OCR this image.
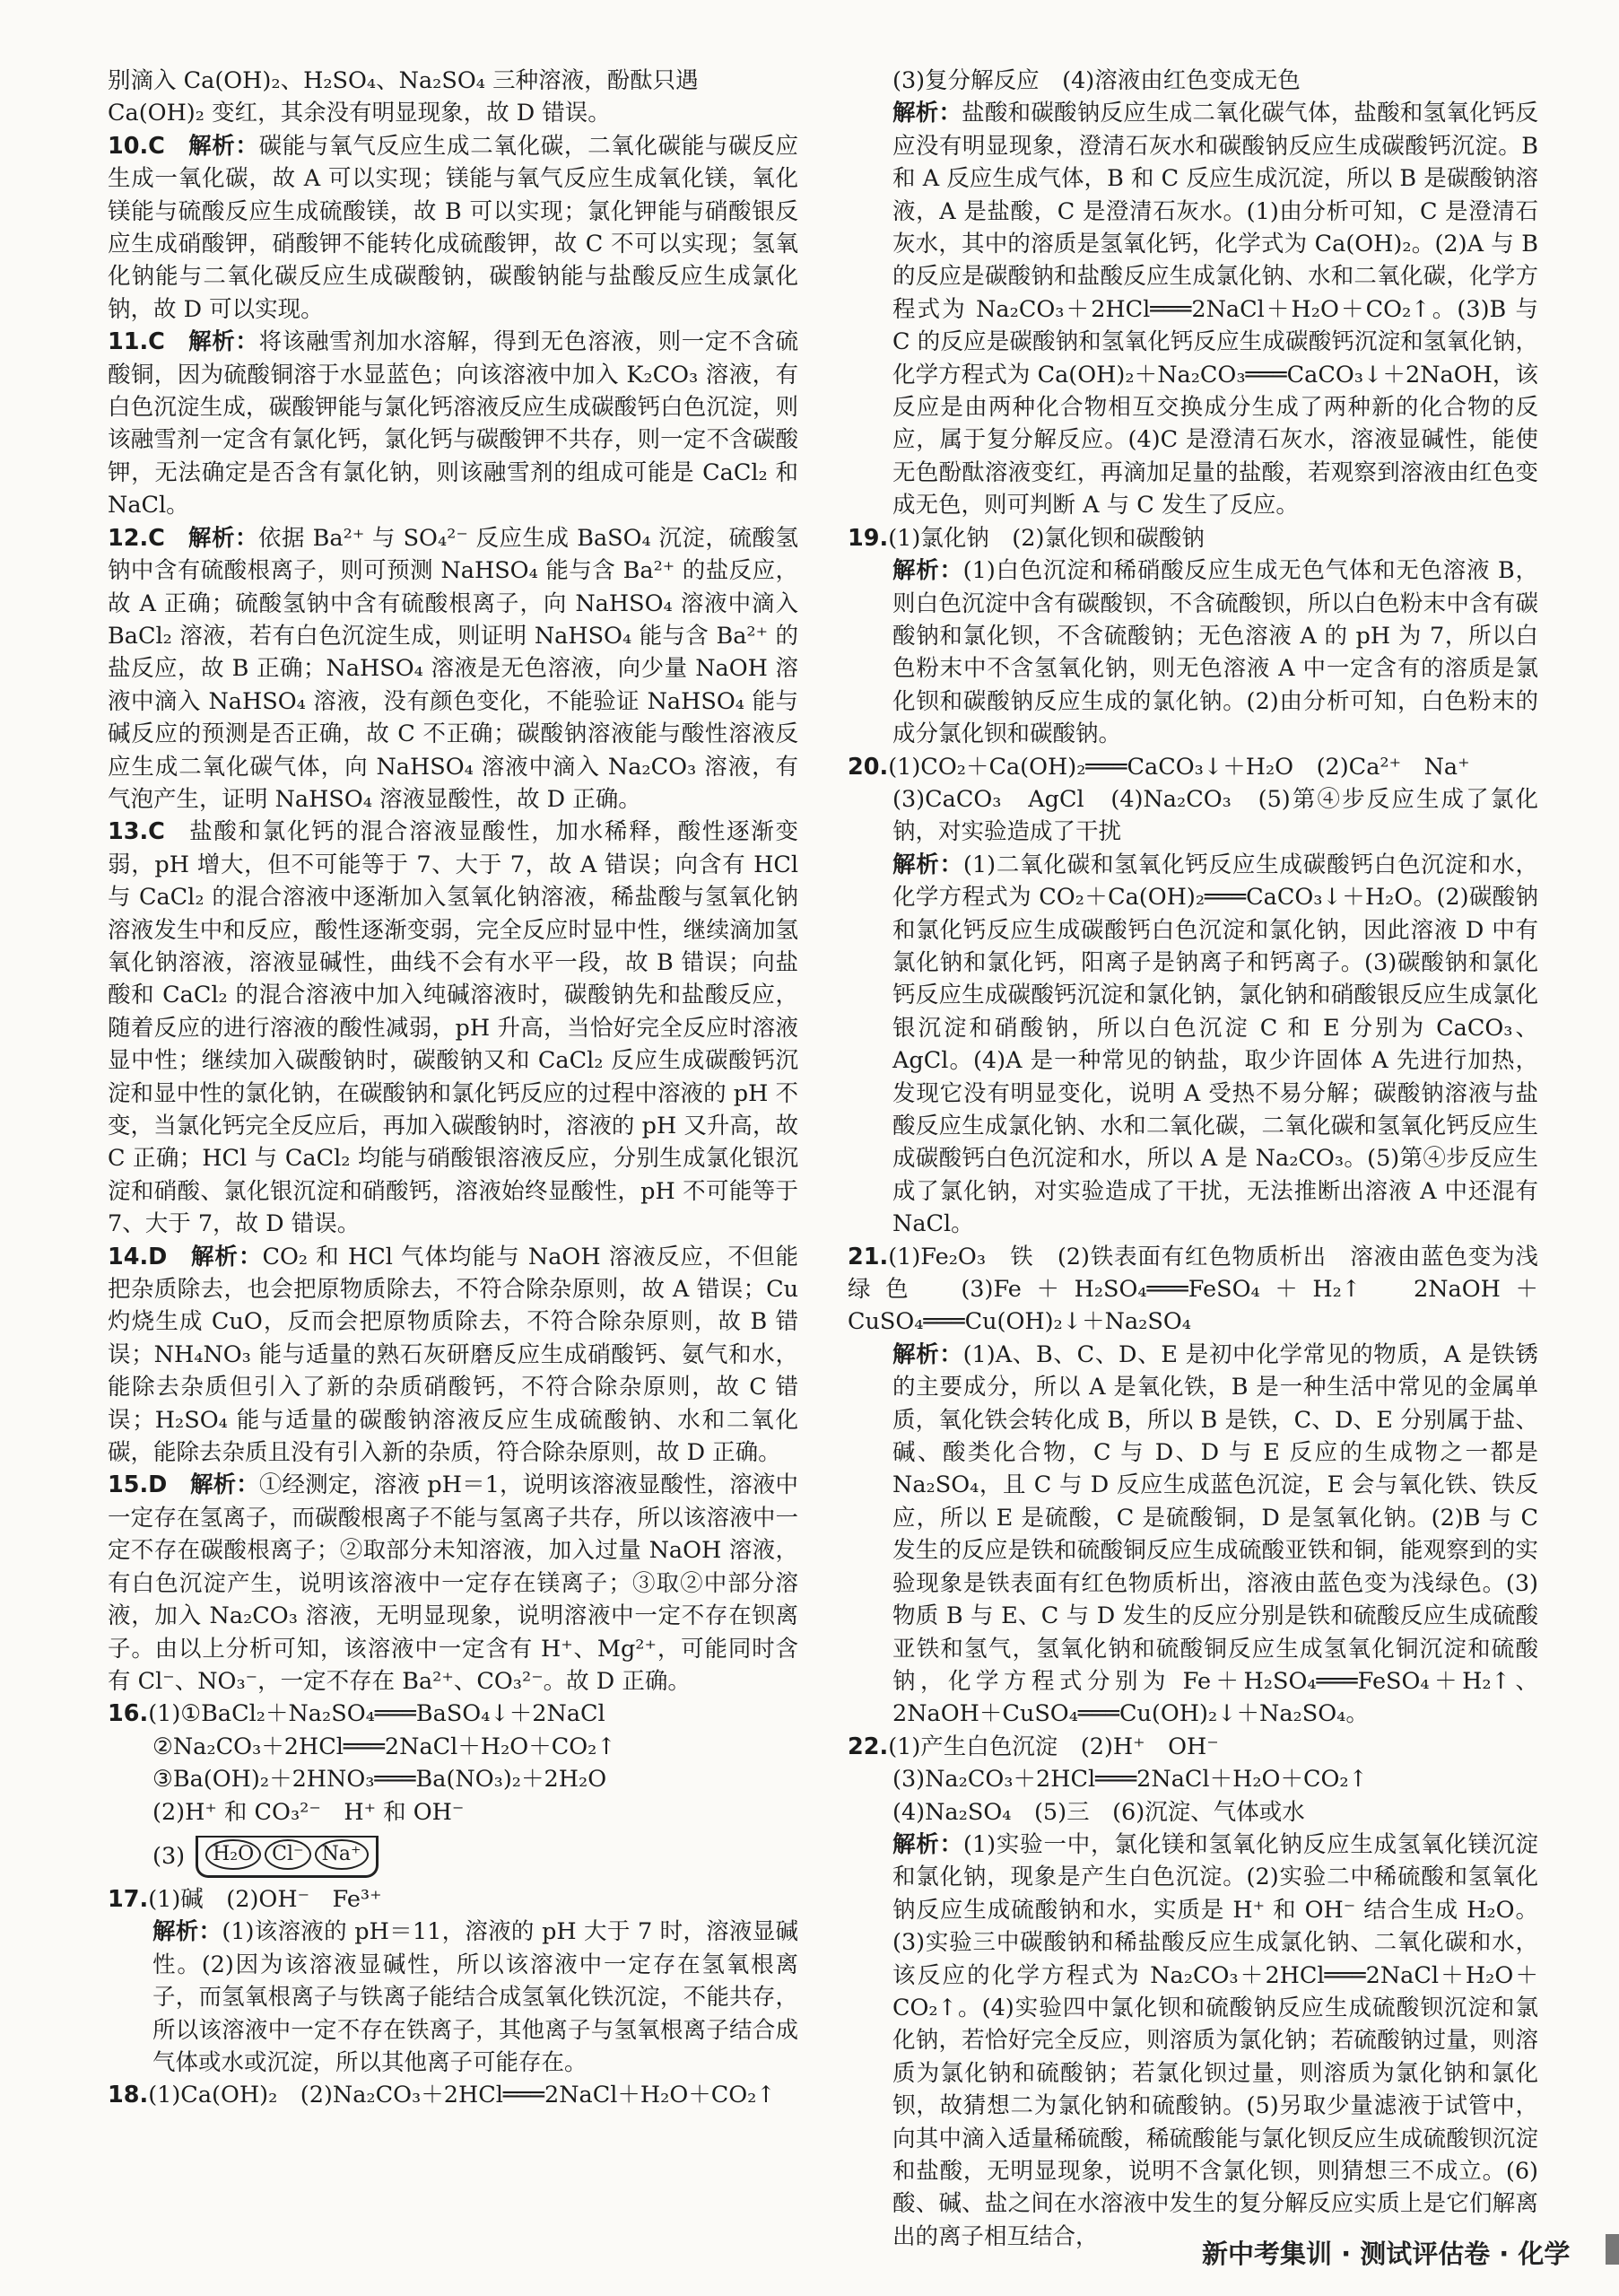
别滴入 Ca(OH)₂、H₂SO₄、Na₂SO₄ 三种溶液，酚酞只遇

Ca(OH)₂ 变红，其余没有明显现象，故 D 错误。

10.C  解析：碳能与氧气反应生成二氧化碳，二氧化碳能与碳反应生成一氧化碳，故 A 可以实现；镁能与氧气反应生成氧化镁，氧化镁能与硫酸反应生成硫酸镁，故 B 可以实现；氯化钾能与硝酸银反应生成硝酸钾，硝酸钾不能转化成硫酸钾，故 C 不可以实现；氢氧化钠能与二氧化碳反应生成碳酸钠，碳酸钠能与盐酸反应生成氯化钠，故 D 可以实现。

11.C  解析：将该融雪剂加水溶解，得到无色溶液，则一定不含硫酸铜，因为硫酸铜溶于水显蓝色；向该溶液中加入 K₂CO₃ 溶液，有白色沉淀生成，碳酸钾能与氯化钙溶液反应生成碳酸钙白色沉淀，则该融雪剂一定含有氯化钙，氯化钙与碳酸钾不共存，则一定不含碳酸钾，无法确定是否含有氯化钠，则该融雪剂的组成可能是 CaCl₂ 和 NaCl。

12.C  解析：依据 Ba²⁺ 与 SO₄²⁻ 反应生成 BaSO₄ 沉淀，硫酸氢钠中含有硫酸根离子，则可预测 NaHSO₄ 能与含 Ba²⁺ 的盐反应，故 A 正确；硫酸氢钠中含有硫酸根离子，向 NaHSO₄ 溶液中滴入 BaCl₂ 溶液，若有白色沉淀生成，则证明 NaHSO₄ 能与含 Ba²⁺ 的盐反应，故 B 正确；NaHSO₄ 溶液是无色溶液，向少量 NaOH 溶液中滴入 NaHSO₄ 溶液，没有颜色变化，不能验证 NaHSO₄ 能与碱反应的预测是否正确，故 C 不正确；碳酸钠溶液能与酸性溶液反应生成二氧化碳气体，向 NaHSO₄ 溶液中滴入 Na₂CO₃ 溶液，有气泡产生，证明 NaHSO₄ 溶液显酸性，故 D 正确。

13.C  盐酸和氯化钙的混合溶液显酸性，加水稀释，酸性逐渐变弱，pH 增大，但不可能等于 7、大于 7，故 A 错误；向含有 HCl 与 CaCl₂ 的混合溶液中逐渐加入氢氧化钠溶液，稀盐酸与氢氧化钠溶液发生中和反应，酸性逐渐变弱，完全反应时显中性，继续滴加氢氧化钠溶液，溶液显碱性，曲线不会有水平一段，故 B 错误；向盐酸和 CaCl₂ 的混合溶液中加入纯碱溶液时，碳酸钠先和盐酸反应，随着反应的进行溶液的酸性减弱，pH 升高，当恰好完全反应时溶液显中性；继续加入碳酸钠时，碳酸钠又和 CaCl₂ 反应生成碳酸钙沉淀和显中性的氯化钠，在碳酸钠和氯化钙反应的过程中溶液的 pH 不变，当氯化钙完全反应后，再加入碳酸钠时，溶液的 pH 又升高，故 C 正确；HCl 与 CaCl₂ 均能与硝酸银溶液反应，分别生成氯化银沉淀和硝酸、氯化银沉淀和硝酸钙，溶液始终显酸性，pH 不可能等于 7、大于 7，故 D 错误。

14.D  解析：CO₂ 和 HCl 气体均能与 NaOH 溶液反应，不但能把杂质除去，也会把原物质除去，不符合除杂原则，故 A 错误；Cu 灼烧生成 CuO，反而会把原物质除去，不符合除杂原则，故 B 错误；NH₄NO₃ 能与适量的熟石灰研磨反应生成硝酸钙、氨气和水，能除去杂质但引入了新的杂质硝酸钙，不符合除杂原则，故 C 错误；H₂SO₄ 能与适量的碳酸钠溶液反应生成硫酸钠、水和二氧化碳，能除去杂质且没有引入新的杂质，符合除杂原则，故 D 正确。

15.D  解析：①经测定，溶液 pH＝1，说明该溶液显酸性，溶液中一定存在氢离子，而碳酸根离子不能与氢离子共存，所以该溶液中一定不存在碳酸根离子；②取部分未知溶液，加入过量 NaOH 溶液，有白色沉淀产生，说明该溶液中一定存在镁离子；③取②中部分溶液，加入 Na₂CO₃ 溶液，无明显现象，说明溶液中一定不存在钡离子。由以上分析可知，该溶液中一定含有 H⁺、Mg²⁺，可能同时含有 Cl⁻、NO₃⁻，一定不存在 Ba²⁺、CO₃²⁻。故 D 正确。

16.(1)①BaCl₂＋Na₂SO₄═══BaSO₄↓＋2NaCl

②Na₂CO₃＋2HCl═══2NaCl＋H₂O＋CO₂↑

③Ba(OH)₂＋2HNO₃═══Ba(NO₃)₂＋2H₂O

(2)H⁺ 和 CO₃²⁻　H⁺ 和 OH⁻

(3)	H₂O Cl⁻ Na⁺

17.(1)碱　(2)OH⁻　Fe³⁺

解析：(1)该溶液的 pH＝11，溶液的 pH 大于 7 时，溶液显碱性。(2)因为该溶液显碱性，所以该溶液中一定存在氢氧根离子，而氢氧根离子与铁离子能结合成氢氧化铁沉淀，不能共存，所以该溶液中一定不存在铁离子，其他离子与氢氧根离子结合成气体或水或沉淀，所以其他离子可能存在。

18.(1)Ca(OH)₂　(2)Na₂CO₃＋2HCl═══2NaCl＋H₂O＋CO₂↑

(3)复分解反应　(4)溶液由红色变成无色

解析：盐酸和碳酸钠反应生成二氧化碳气体，盐酸和氢氧化钙反应没有明显现象，澄清石灰水和碳酸钠反应生成碳酸钙沉淀。B 和 A 反应生成气体，B 和 C 反应生成沉淀，所以 B 是碳酸钠溶液，A 是盐酸，C 是澄清石灰水。(1)由分析可知，C 是澄清石灰水，其中的溶质是氢氧化钙，化学式为 Ca(OH)₂。(2)A 与 B 的反应是碳酸钠和盐酸反应生成氯化钠、水和二氧化碳，化学方程式为 Na₂CO₃＋2HCl═══2NaCl＋H₂O＋CO₂↑。(3)B 与 C 的反应是碳酸钠和氢氧化钙反应生成碳酸钙沉淀和氢氧化钠，化学方程式为 Ca(OH)₂＋Na₂CO₃═══CaCO₃↓＋2NaOH，该反应是由两种化合物相互交换成分生成了两种新的化合物的反应，属于复分解反应。(4)C 是澄清石灰水，溶液显碱性，能使无色酚酞溶液变红，再滴加足量的盐酸，若观察到溶液由红色变成无色，则可判断 A 与 C 发生了反应。

19.(1)氯化钠　(2)氯化钡和碳酸钠

解析：(1)白色沉淀和稀硝酸反应生成无色气体和无色溶液 B，则白色沉淀中含有碳酸钡，不含硫酸钡，所以白色粉末中含有碳酸钠和氯化钡，不含硫酸钠；无色溶液 A 的 pH 为 7，所以白色粉末中不含氢氧化钠，则无色溶液 A 中一定含有的溶质是氯化钡和碳酸钠反应生成的氯化钠。(2)由分析可知，白色粉末的成分氯化钡和碳酸钠。

20.(1)CO₂＋Ca(OH)₂═══CaCO₃↓＋H₂O　(2)Ca²⁺　Na⁺

(3)CaCO₃　AgCl　(4)Na₂CO₃　(5)第④步反应生成了氯化钠，对实验造成了干扰

解析：(1)二氧化碳和氢氧化钙反应生成碳酸钙白色沉淀和水，化学方程式为 CO₂＋Ca(OH)₂═══CaCO₃↓＋H₂O。(2)碳酸钠和氯化钙反应生成碳酸钙白色沉淀和氯化钠，因此溶液 D 中有氯化钠和氯化钙，阳离子是钠离子和钙离子。(3)碳酸钠和氯化钙反应生成碳酸钙沉淀和氯化钠，氯化钠和硝酸银反应生成氯化银沉淀和硝酸钠，所以白色沉淀 C 和 E 分别为 CaCO₃、AgCl。(4)A 是一种常见的钠盐，取少许固体 A 先进行加热，发现它没有明显变化，说明 A 受热不易分解；碳酸钠溶液与盐酸反应生成氯化钠、水和二氧化碳，二氧化碳和氢氧化钙反应生成碳酸钙白色沉淀和水，所以 A 是 Na₂CO₃。(5)第④步反应生成了氯化钠，对实验造成了干扰，无法推断出溶液 A 中还混有 NaCl。

21.(1)Fe₂O₃　铁　(2)铁表面有红色物质析出　溶液由蓝色变为浅绿色　(3)Fe＋H₂SO₄═══FeSO₄＋H₂↑　2NaOH＋CuSO₄═══Cu(OH)₂↓＋Na₂SO₄

解析：(1)A、B、C、D、E 是初中化学常见的物质，A 是铁锈的主要成分，所以 A 是氧化铁，B 是一种生活中常见的金属单质，氧化铁会转化成 B，所以 B 是铁，C、D、E 分别属于盐、碱、酸类化合物，C 与 D、D 与 E 反应的生成物之一都是 Na₂SO₄，且 C 与 D 反应生成蓝色沉淀，E 会与氧化铁、铁反应，所以 E 是硫酸，C 是硫酸铜，D 是氢氧化钠。(2)B 与 C 发生的反应是铁和硫酸铜反应生成硫酸亚铁和铜，能观察到的实验现象是铁表面有红色物质析出，溶液由蓝色变为浅绿色。(3)物质 B 与 E、C 与 D 发生的反应分别是铁和硫酸反应生成硫酸亚铁和氢气，氢氧化钠和硫酸铜反应生成氢氧化铜沉淀和硫酸钠，化学方程式分别为 Fe＋H₂SO₄═══FeSO₄＋H₂↑、2NaOH＋CuSO₄═══Cu(OH)₂↓＋Na₂SO₄。

22.(1)产生白色沉淀　(2)H⁺　OH⁻

(3)Na₂CO₃＋2HCl═══2NaCl＋H₂O＋CO₂↑

(4)Na₂SO₄　(5)三　(6)沉淀、气体或水

解析：(1)实验一中，氯化镁和氢氧化钠反应生成氢氧化镁沉淀和氯化钠，现象是产生白色沉淀。(2)实验二中稀硫酸和氢氧化钠反应生成硫酸钠和水，实质是 H⁺ 和 OH⁻ 结合生成 H₂O。(3)实验三中碳酸钠和稀盐酸反应生成氯化钠、二氧化碳和水，该反应的化学方程式为 Na₂CO₃＋2HCl═══2NaCl＋H₂O＋CO₂↑。(4)实验四中氯化钡和硫酸钠反应生成硫酸钡沉淀和氯化钠，若恰好完全反应，则溶质为氯化钠；若硫酸钠过量，则溶质为氯化钠和硫酸钠；若氯化钡过量，则溶质为氯化钠和氯化钡，故猜想二为氯化钠和硫酸钠。(5)另取少量滤液于试管中，向其中滴入适量稀硫酸，稀硫酸能与氯化钡反应生成硫酸钡沉淀和盐酸，无明显现象，说明不含氯化钡，则猜想三不成立。(6)酸、碱、盐之间在水溶液中发生的复分解反应实质上是它们解离出的离子相互结合，

新中考集训 · 测试评估卷 · 化学
